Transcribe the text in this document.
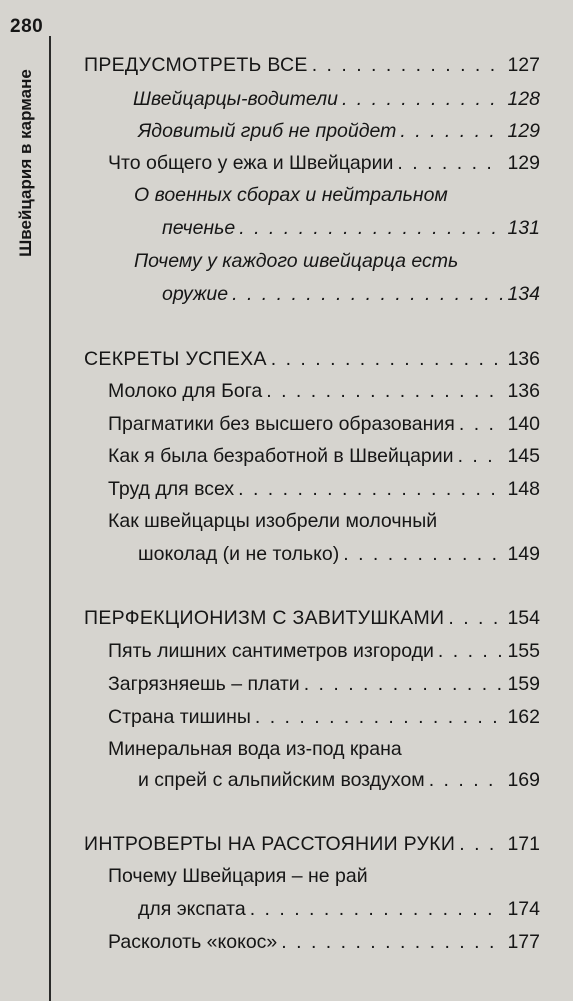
280
Швейцария в кармане
ПРЕДУСМОТРЕТЬ ВСЕ . . .	127
Швейцарцы-водители . . .	128
Ядовитый гриб не пройдет . . .	129
Что общего у ежа и Швейцарии . . .	129
О военных сборах и нейтральном
печенье . . .	131
Почему у каждого швейцарца есть
оружие . . .	134
СЕКРЕТЫ УСПЕХА . . .	136
Молоко для Бога . . .	136
Прагматики без высшего образования . . .	140
Как я была безработной в Швейцарии . . .	145
Труд для всех . . .	148
Как швейцарцы изобрели молочный
шоколад (и не только) . . .	149
ПЕРФЕКЦИОНИЗМ С ЗАВИТУШКАМИ . . .	154
Пять лишних сантиметров изгороди . . .	155
Загрязняешь – плати . . .	159
Страна тишины . . .	162
Минеральная вода из-под крана
и спрей с альпийским воздухом . . .	169
ИНТРОВЕРТЫ НА РАССТОЯНИИ РУКИ . . .	171
Почему Швейцария – не рай
для экспата . . .	174
Расколоть «кокос» . . .	177
